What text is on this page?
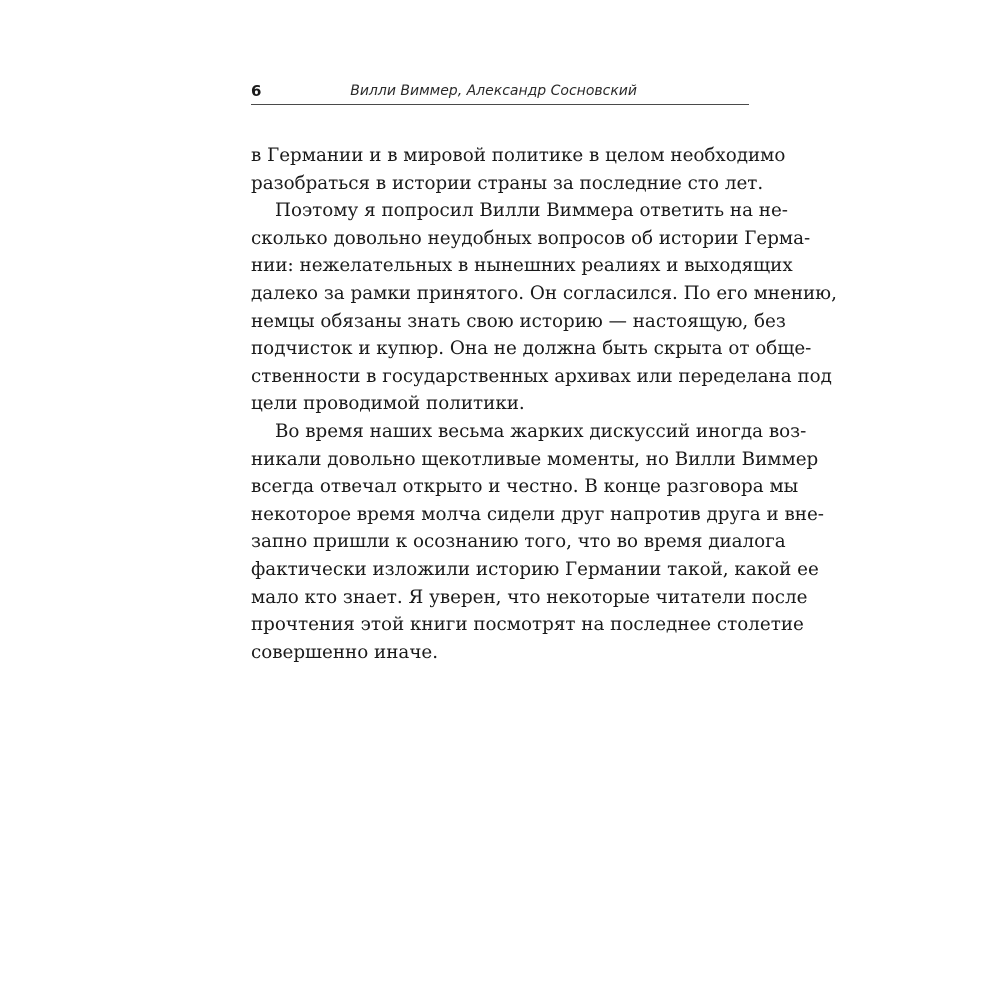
6	Вилли Виммер, Александр Сосновский
в Германии и в мировой политике в целом необходимо
разобраться в истории страны за последние сто лет.
Поэтому я попросил Вилли Виммера ответить на не-
сколько довольно неудобных вопросов об истории Герма-
нии: нежелательных в нынешних реалиях и выходящих
далеко за рамки принятого. Он согласился. По его мнению,
немцы обязаны знать свою историю — настоящую, без
подчисток и купюр. Она не должна быть скрыта от обще-
ственности в государственных архивах или переделана под
цели проводимой политики.
Во время наших весьма жарких дискуссий иногда воз-
никали довольно щекотливые моменты, но Вилли Виммер
всегда отвечал открыто и честно. В конце разговора мы
некоторое время молча сидели друг напротив друга и вне-
запно пришли к осознанию того, что во время диалога
фактически изложили историю Германии такой, какой ее
мало кто знает. Я уверен, что некоторые читатели после
прочтения этой книги посмотрят на последнее столетие
совершенно иначе.
